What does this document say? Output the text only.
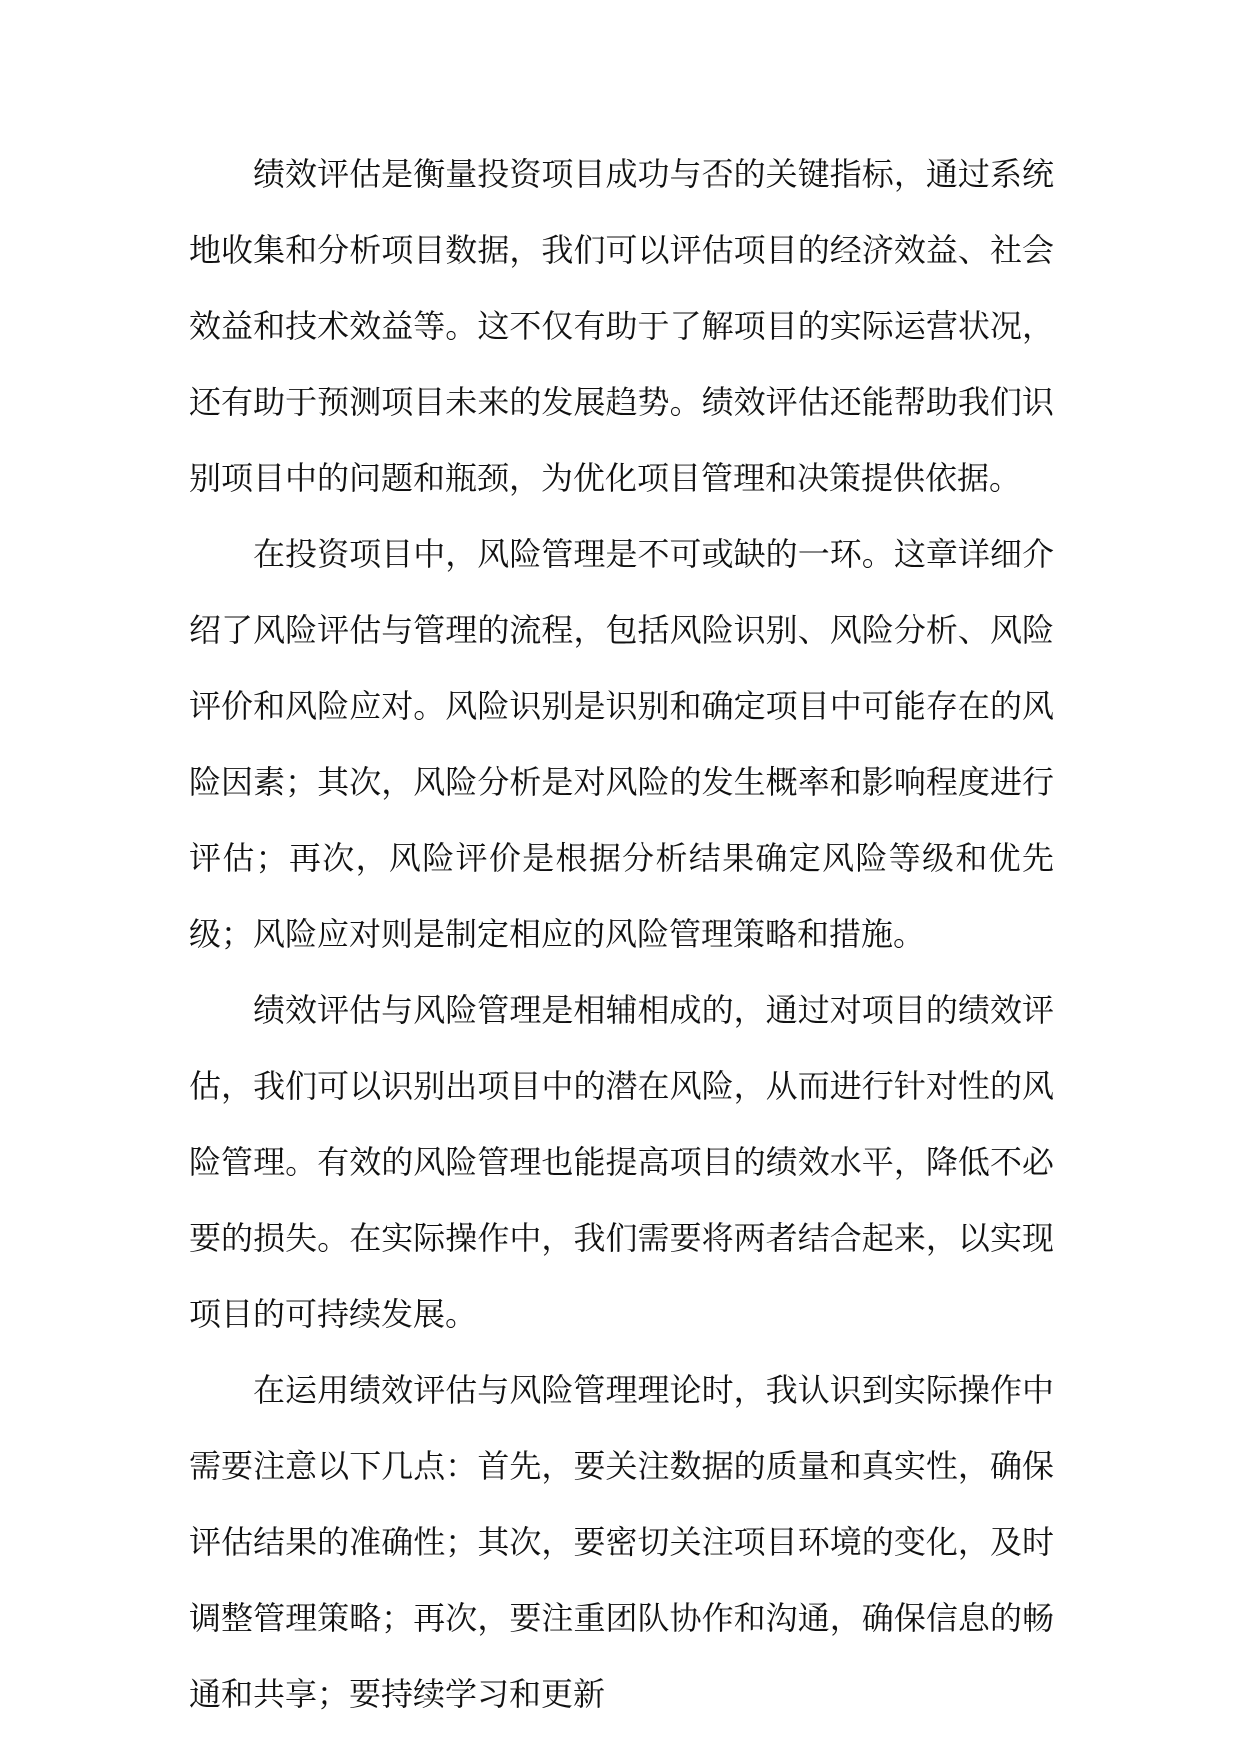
绩效评估是衡量投资项目成功与否的关键指标，通过系统地收集和分析项目数据，我们可以评估项目的经济效益、社会效益和技术效益等。这不仅有助于了解项目的实际运营状况，还有助于预测项目未来的发展趋势。绩效评估还能帮助我们识别项目中的问题和瓶颈，为优化项目管理和决策提供依据。

在投资项目中，风险管理是不可或缺的一环。这章详细介绍了风险评估与管理的流程，包括风险识别、风险分析、风险评价和风险应对。风险识别是识别和确定项目中可能存在的风险因素；其次，风险分析是对风险的发生概率和影响程度进行评估；再次，风险评价是根据分析结果确定风险等级和优先级；风险应对则是制定相应的风险管理策略和措施。

绩效评估与风险管理是相辅相成的，通过对项目的绩效评估，我们可以识别出项目中的潜在风险，从而进行针对性的风险管理。有效的风险管理也能提高项目的绩效水平，降低不必要的损失。在实际操作中，我们需要将两者结合起来，以实现项目的可持续发展。

在运用绩效评估与风险管理理论时，我认识到实际操作中需要注意以下几点：首先，要关注数据的质量和真实性，确保评估结果的准确性；其次，要密切关注项目环境的变化，及时调整管理策略；再次，要注重团队协作和沟通，确保信息的畅通和共享；要持续学习和更新
